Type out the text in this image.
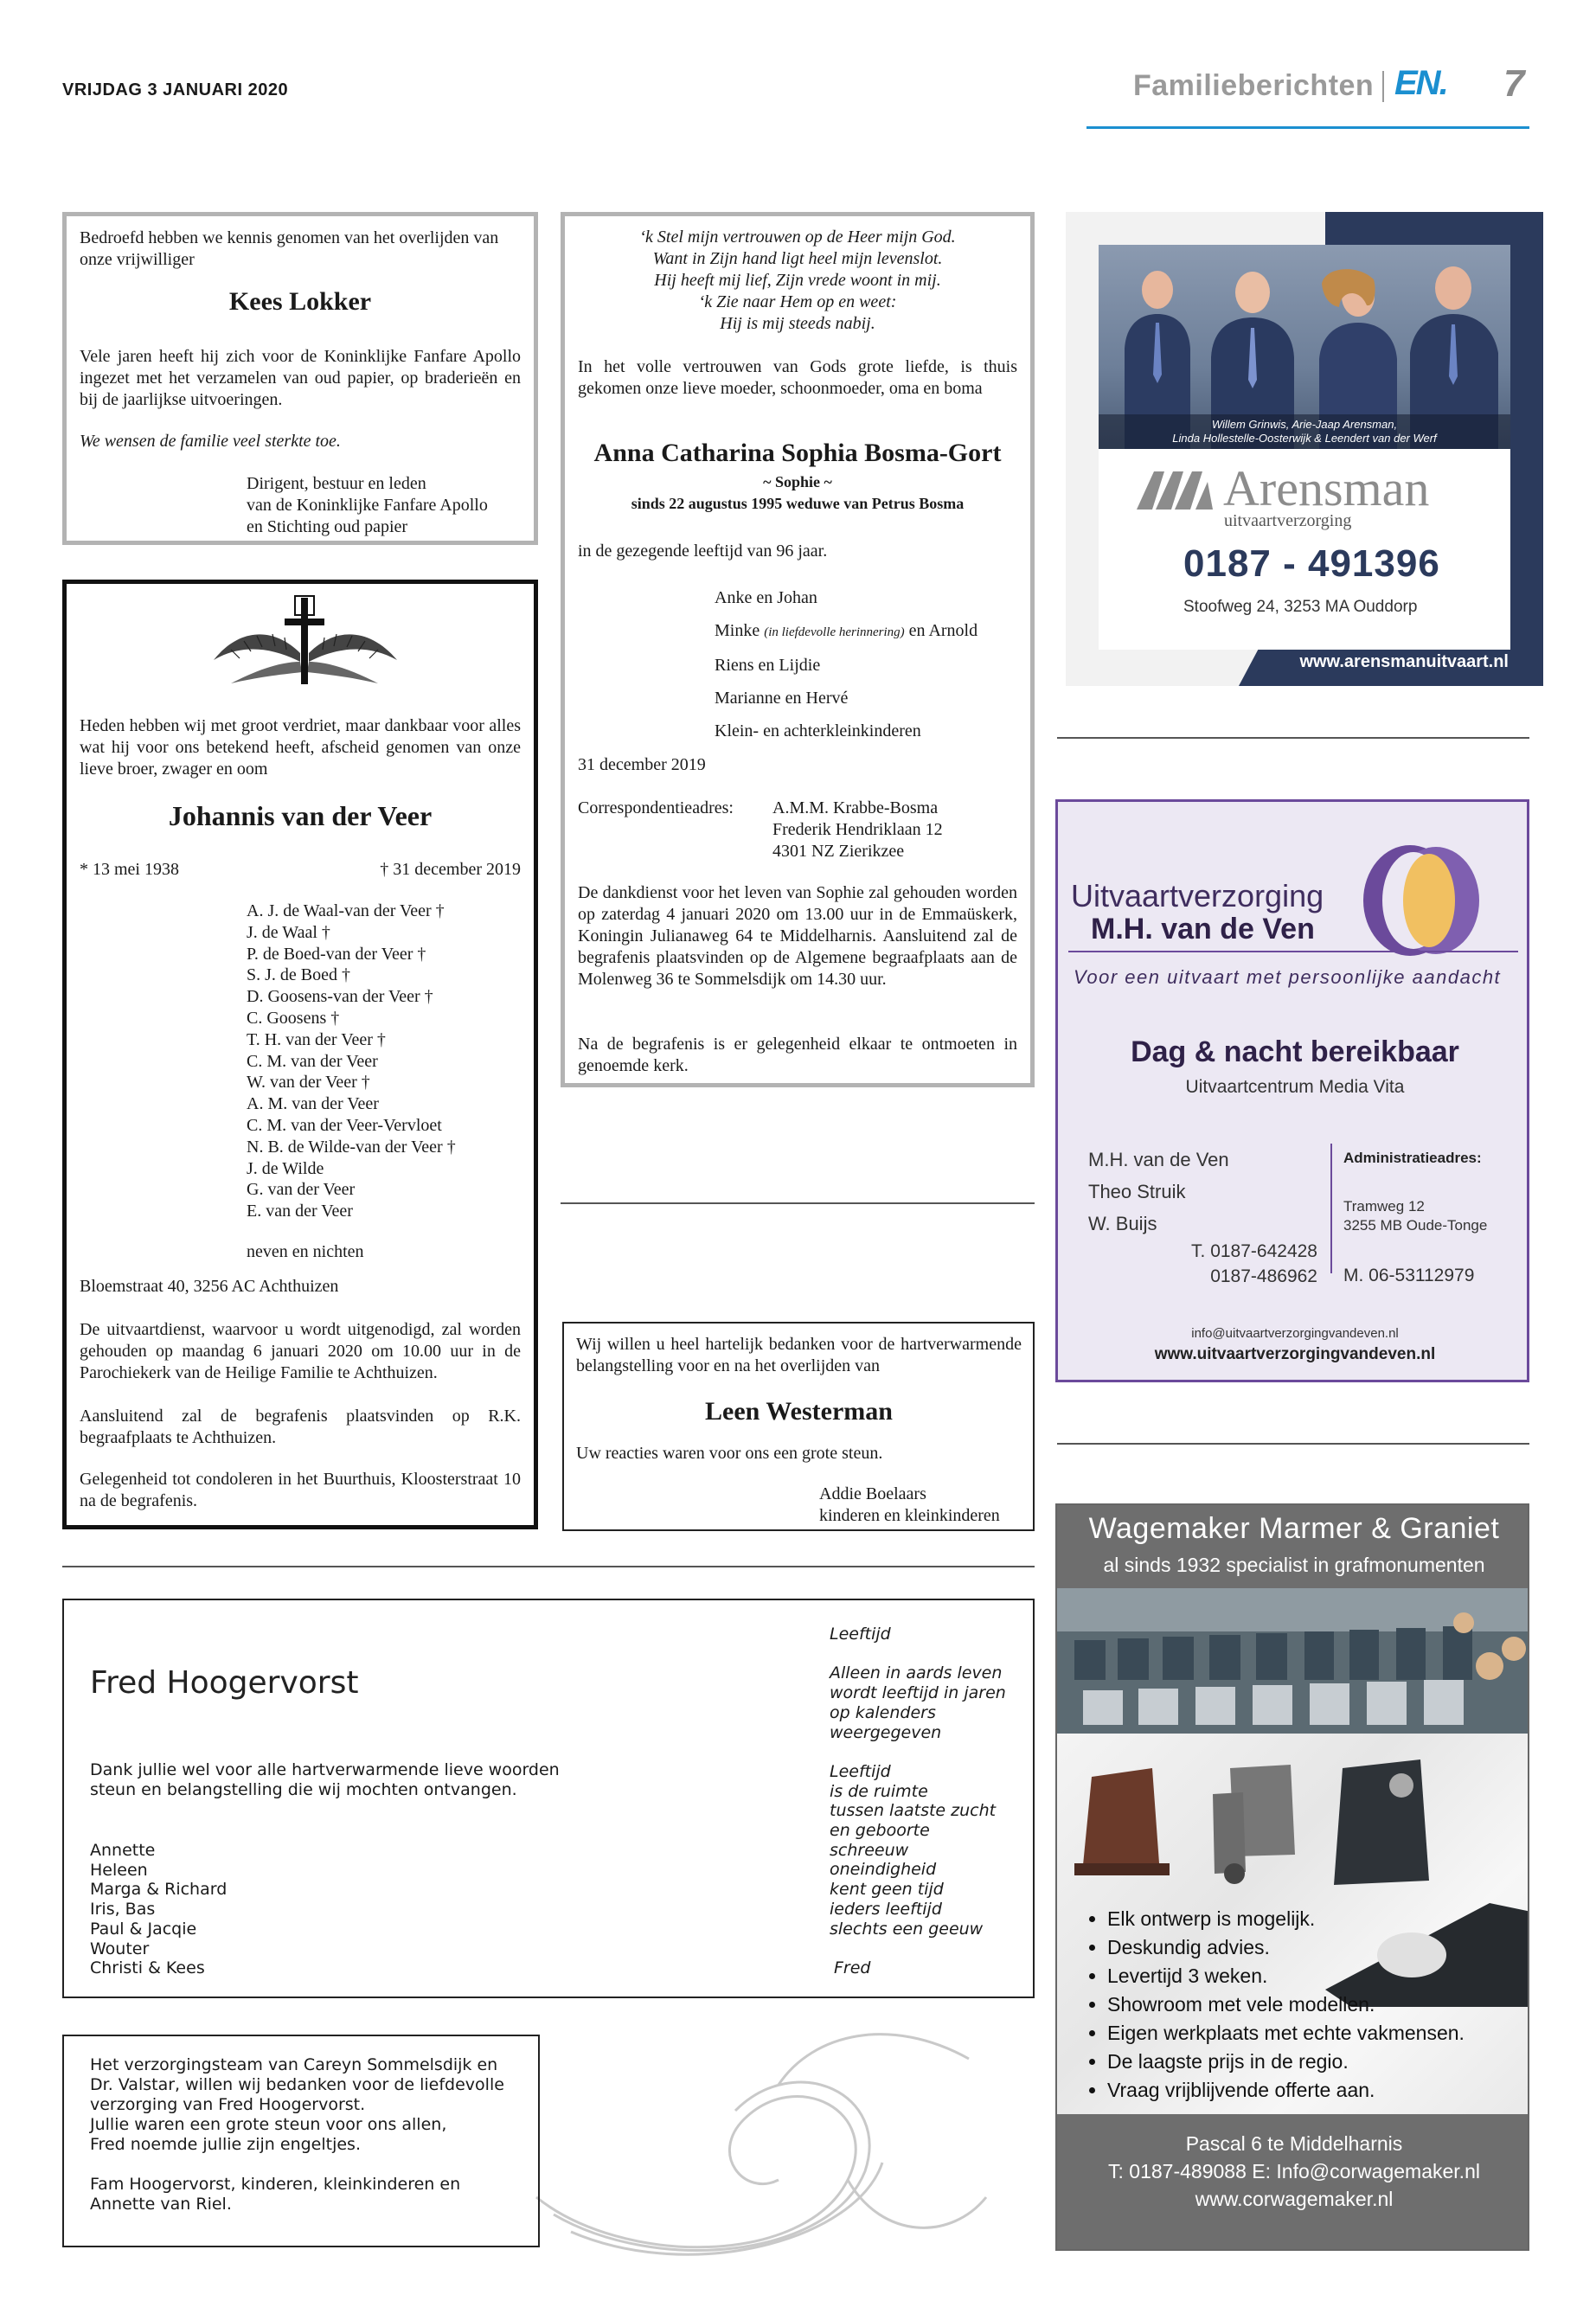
VRIJDAG 3 JANUARI 2020	Familieberichten EN. 7
Bedroefd hebben we kennis genomen van het overlijden van onze vrijwilliger
Kees Lokker
Vele jaren heeft hij zich voor de Koninklijke Fanfare Apollo ingezet met het verzamelen van oud papier, op braderieën en bij de jaarlijkse uitvoeringen.
We wensen de familie veel sterkte toe.
Dirigent, bestuur en leden
van de Koninklijke Fanfare Apollo
en Stichting oud papier
Heden hebben wij met groot verdriet, maar dankbaar voor alles wat hij voor ons betekend heeft, afscheid genomen van onze lieve broer, zwager en oom
Johannis van der Veer
* 13 mei 1938	† 31 december 2019
A. J. de Waal-van der Veer †
J. de Waal †
P. de Boed-van der Veer †
S. J. de Boed †
D. Goosens-van der Veer †
C. Goosens †
T. H. van der Veer †
C. M. van der Veer
W. van der Veer †
A. M. van der Veer
C. M. van der Veer-Vervloet
N. B. de Wilde-van der Veer †
J. de Wilde
G. van der Veer
E. van der Veer
neven en nichten
Bloemstraat 40, 3256 AC Achthuizen
De uitvaartdienst, waarvoor u wordt uitgenodigd, zal worden gehouden op maandag 6 januari 2020 om 10.00 uur in de Parochiekerk van de Heilige Familie te Achthuizen.
Aansluitend zal de begrafenis plaatsvinden op R.K. begraafplaats te Achthuizen.
Gelegenheid tot condoleren in het Buurthuis, Kloosterstraat 10 na de begrafenis.
‘k Stel mijn vertrouwen op de Heer mijn God.
Want in Zijn hand ligt heel mijn levenslot.
Hij heeft mij lief, Zijn vrede woont in mij.
‘k Zie naar Hem op en weet:
Hij is mij steeds nabij.
In het volle vertrouwen van Gods grote liefde, is thuis gekomen onze lieve moeder, schoonmoeder, oma en boma
Anna Catharina Sophia Bosma-Gort
~ Sophie ~
sinds 22 augustus 1995 weduwe van Petrus Bosma
in de gezegende leeftijd van 96 jaar.
Anke en Johan
Minke (in liefdevolle herinnering) en Arnold
Riens en Lijdie
Marianne en Hervé
Klein- en achterkleinkinderen
31 december 2019
Correspondentieadres: A.M.M. Krabbe-Bosma
Frederik Hendriklaan 12
4301 NZ Zierikzee
De dankdienst voor het leven van Sophie zal gehouden worden op zaterdag 4 januari 2020 om 13.00 uur in de Emmaüskerk, Koningin Julianaweg 64 te Middelharnis. Aansluitend zal de begrafenis plaatsvinden op de Algemene begraafplaats aan de Molenweg 36 te Sommelsdijk om 14.30 uur.
Na de begrafenis is er gelegenheid elkaar te ontmoeten in genoemde kerk.
Wij willen u heel hartelijk bedanken voor de hartverwarmende belangstelling voor en na het overlijden van
Leen Westerman
Uw reacties waren voor ons een grote steun.
Addie Boelaars
kinderen en kleinkinderen
Fred Hoogervorst
Dank jullie wel voor alle hartverwarmende lieve woorden
steun en belangstelling die wij mochten ontvangen.
Annette
Heleen
Marga & Richard
Iris, Bas
Paul & Jacqie
Wouter
Christi & Kees
Leeftijd

Alleen in aards leven
wordt leeftijd in jaren
op kalenders
weergegeven

Leeftijd
is de ruimte
tussen laatste zucht
en geboorte
schreeuw
oneindigheid
kent geen tijd
ieders leeftijd
slechts een geeuw

Fred
Het verzorgingsteam van Careyn Sommelsdijk en
Dr. Valstar, willen wij bedanken voor de liefdevolle
verzorging van Fred Hoogervorst.
Jullie waren een grote steun voor ons allen,
Fred noemde jullie zijn engeltjes.

Fam Hoogervorst, kinderen, kleinkinderen en
Annette van Riel.
Willem Grinwis, Arie-Jaap Arensman,
Linda Hollestelle-Oosterwijk & Leendert van der Werf
Arensman
uitvaartverzorging
0187 - 491396
Stoofweg 24, 3253 MA Ouddorp
www.arensmanuitvaart.nl
Uitvaartverzorging
M.H. van de Ven
Voor een uitvaart met persoonlijke aandacht
Dag & nacht bereikbaar
Uitvaartcentrum Media Vita
M.H. van de Ven
Theo Struik
W. Buijs
T. 0187-642428
0187-486962
Administratieadres:
Tramweg 12
3255 MB Oude-Tonge
M. 06-53112979
info@uitvaartverzorgingvandeven.nl
www.uitvaartverzorgingvandeven.nl
Wagemaker Marmer & Graniet
al sinds 1932 specialist in grafmonumenten
• Elk ontwerp is mogelijk.
• Deskundig advies.
• Levertijd 3 weken.
• Showroom met vele modellen.
• Eigen werkplaats met echte vakmensen.
• De laagste prijs in de regio.
• Vraag vrijblijvende offerte aan.
Pascal 6 te Middelharnis
T: 0187-489088 E: Info@corwagemaker.nl
www.corwagemaker.nl
